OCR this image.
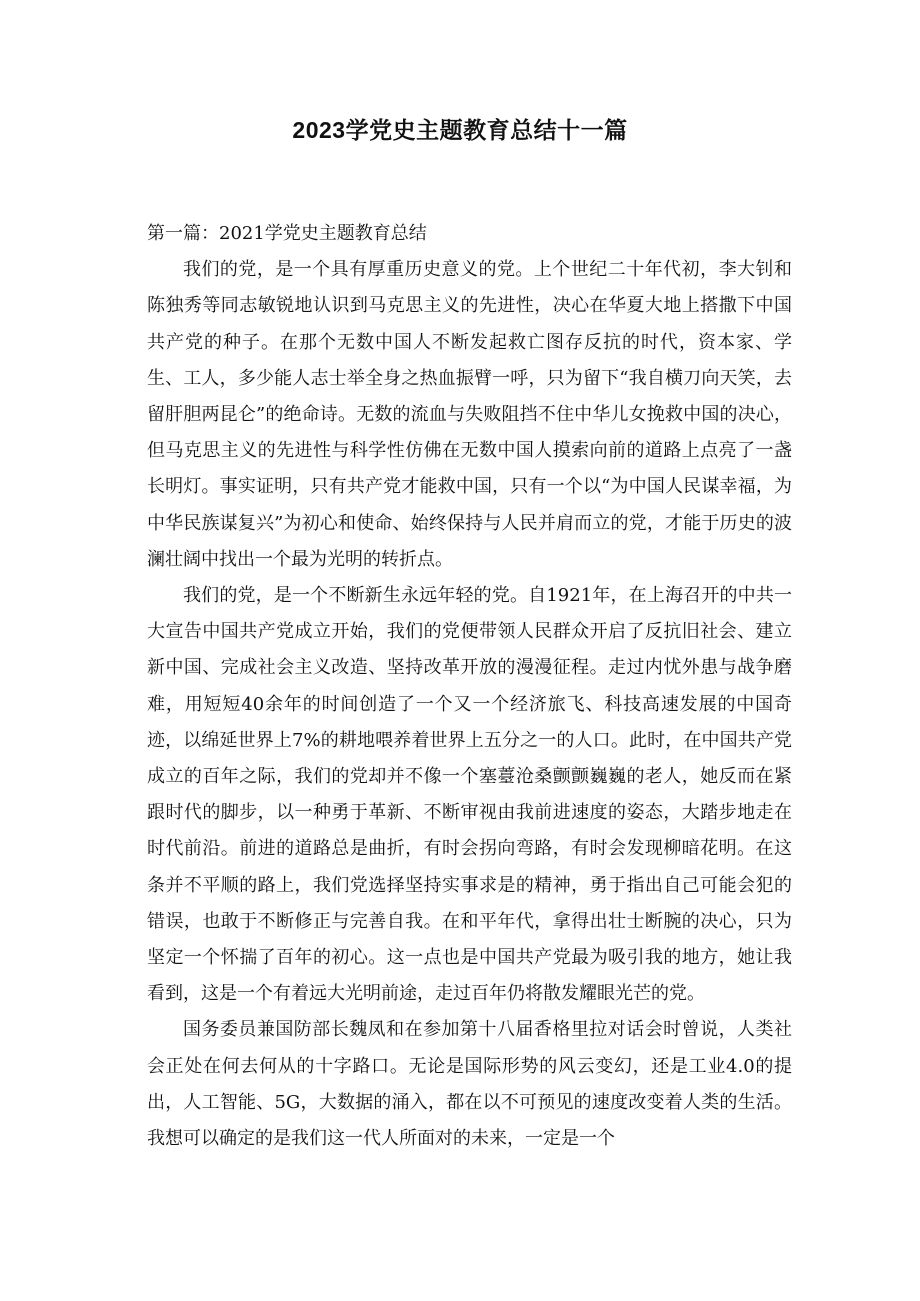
2023学党史主题教育总结十一篇

第一篇：2021学党史主题教育总结

我们的党，是一个具有厚重历史意义的党。上个世纪二十年代初，李大钊和陈独秀等同志敏锐地认识到马克思主义的先进性，决心在华夏大地上搭撒下中国共产党的种子。在那个无数中国人不断发起救亡图存反抗的时代，资本家、学生、工人，多少能人志士举全身之热血振臂一呼，只为留下“我自横刀向天笑，去留肝胆两昆仑”的绝命诗。无数的流血与失败阻挡不住中华儿女挽救中国的决心，但马克思主义的先进性与科学性仿佛在无数中国人摸索向前的道路上点亮了一盏长明灯。事实证明，只有共产党才能救中国，只有一个以“为中国人民谋幸福，为中华民族谋复兴”为初心和使命、始终保持与人民并肩而立的党，才能于历史的波澜壮阔中找出一个最为光明的转折点。

我们的党，是一个不断新生永远年轻的党。自1921年，在上海召开的中共一大宣告中国共产党成立开始，我们的党便带领人民群众开启了反抗旧社会、建立新中国、完成社会主义改造、坚持改革开放的漫漫征程。走过内忧外患与战争磨难，用短短40余年的时间创造了一个又一个经济旅飞、科技高速发展的中国奇迹，以绵延世界上7%的耕地喂养着世界上五分之一的人口。此时，在中国共产党成立的百年之际，我们的党却并不像一个塞薹沧桑颤颤巍巍的老人，她反而在紧跟时代的脚步，以一种勇于革新、不断审视由我前进速度的姿态，大踏步地走在时代前沿。前进的道路总是曲折，有时会拐向弯路，有时会发现柳暗花明。在这条并不平顺的路上，我们党选择坚持实事求是的精神，勇于指出自己可能会犯的错误，也敢于不断修正与完善自我。在和平年代，拿得出壮士断腕的决心，只为坚定一个怀揣了百年的初心。这一点也是中国共产党最为吸引我的地方，她让我看到，这是一个有着远大光明前途，走过百年仍将散发耀眼光芒的党。

国务委员兼国防部长魏凤和在参加第十八届香格里拉对话会时曾说，人类社会正处在何去何从的十字路口。无论是国际形势的风云变幻，还是工业4.0的提出，人工智能、5G，大数据的涌入，都在以不可预见的速度改变着人类的生活。我想可以确定的是我们这一代人所面对的未来，一定是一个
